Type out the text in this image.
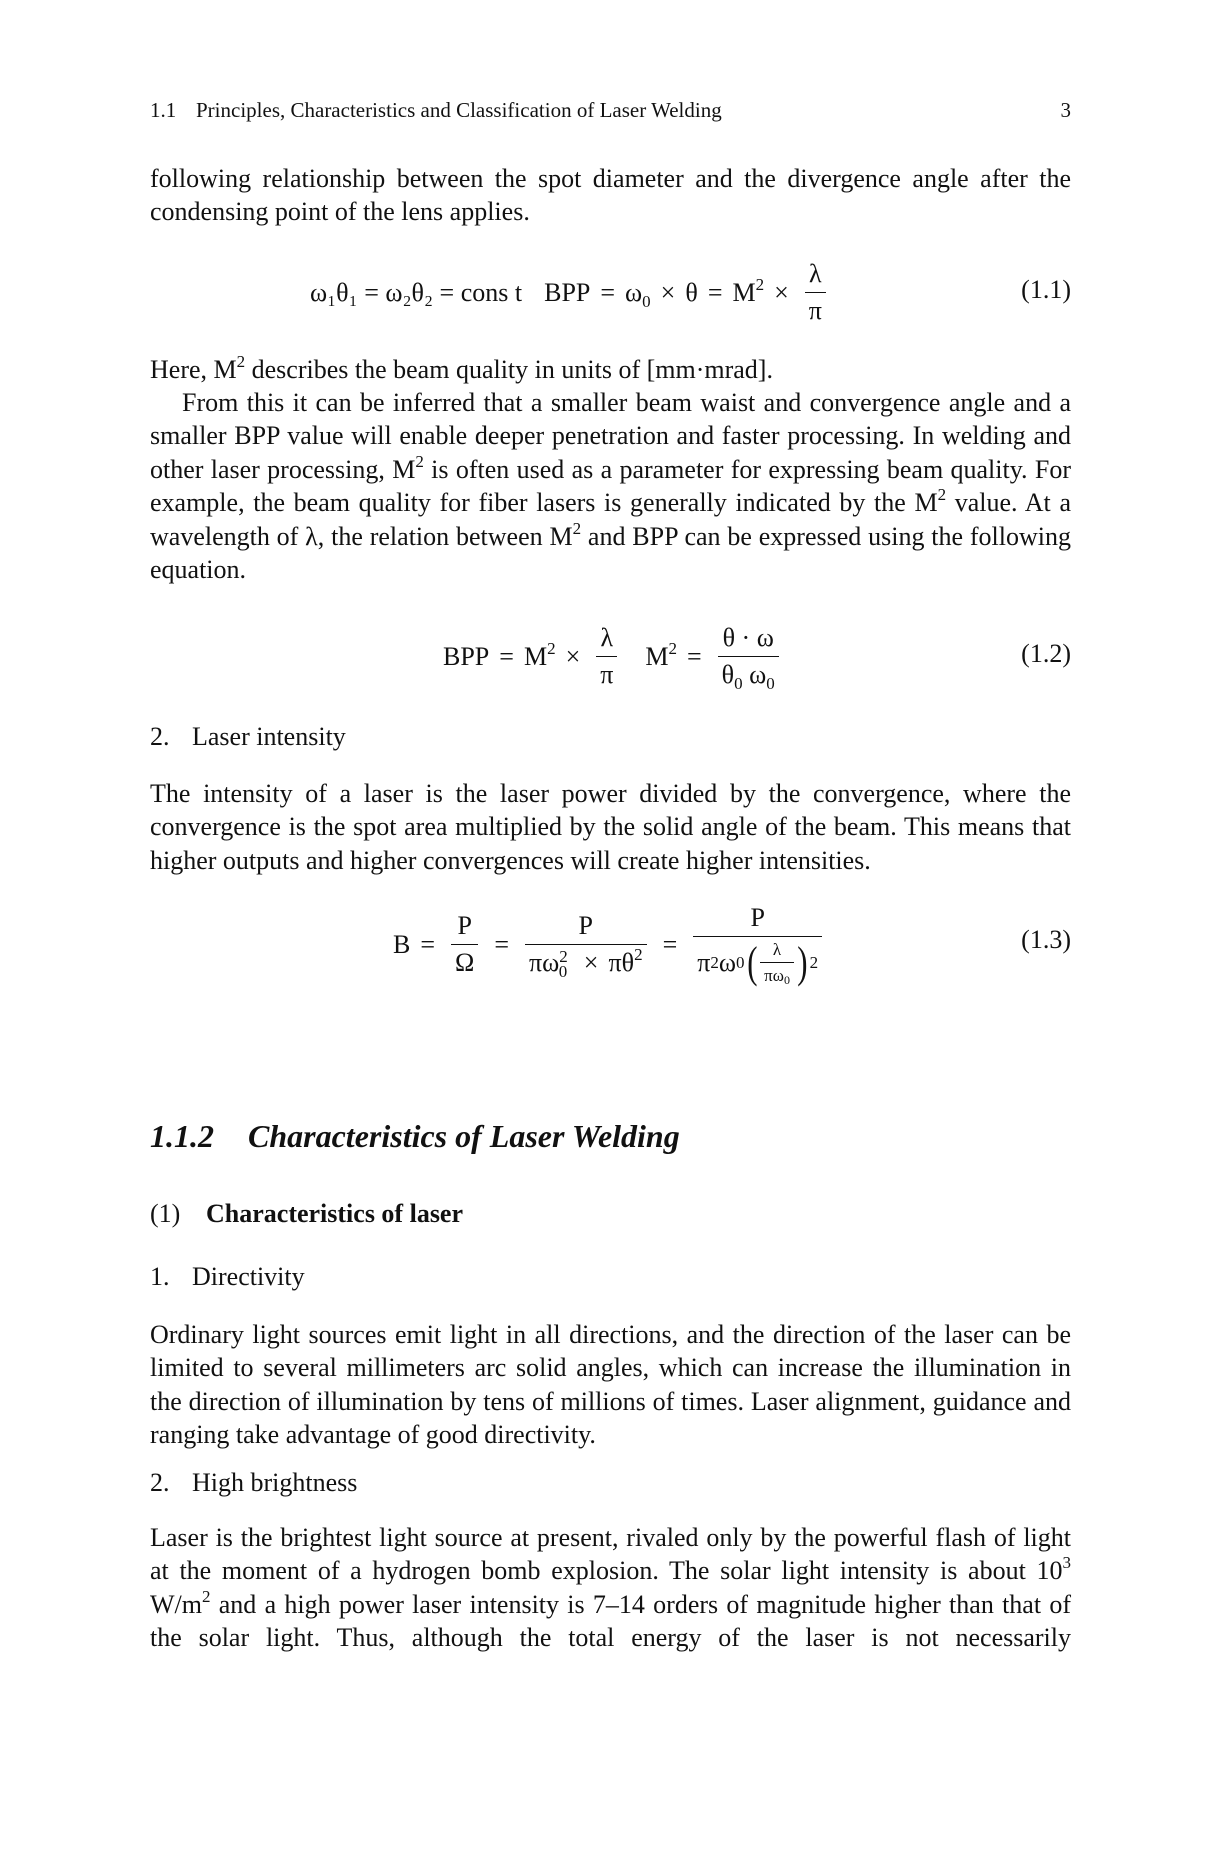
1.1 Principles, Characteristics and Classification of Laser Welding	3
following relationship between the spot diameter and the divergence angle after the condensing point of the lens applies.
ω₁θ₁ = ω₂θ₂ = cons t BPP = $\omega_0 \times \theta = M^2 \times \frac{\lambda}{\pi}$	(1.1)
Here, $M^2$ describes the beam quality in units of [mm·mrad].
From this it can be inferred that a smaller beam waist and convergence angle and a smaller BPP value will enable deeper penetration and faster processing. In welding and other laser processing, $M^2$ is often used as a parameter for expressing beam quality. For example, the beam quality for fiber lasers is generally indicated by the $M^2$ value. At a wavelength of λ, the relation between $M^2$ and BPP can be expressed using the following equation.
BPP = $M^2 \times \frac{\lambda}{\pi} M^2 = \frac{\theta \cdot \omega}{\theta_0 \omega_0}$	(1.2)
2. Laser intensity
The intensity of a laser is the laser power divided by the convergence, where the convergence is the spot area multiplied by the solid angle of the beam. This means that higher outputs and higher convergences will create higher intensities.
$B = \frac{P}{\Omega} = \frac{P}{\pi\omega^2_0 \times \pi\theta^2} = \frac{P}{\pi 2 \omega 0 ( \frac{\lambda}{\pi\omega_0} ) 2}$	(1.3)
1.1.2 Characteristics of Laser Welding
(1) Characteristics of laser
1. Directivity
Ordinary light sources emit light in all directions, and the direction of the laser can be limited to several millimeters arc solid angles, which can increase the illumination in the direction of illumination by tens of millions of times. Laser alignment, guidance and ranging take advantage of good directivity.
2. High brightness
Laser is the brightest light source at present, rivaled only by the powerful flash of light at the moment of a hydrogen bomb explosion. The solar light intensity is about $10^3$ $W/m^2$ and a high power laser intensity is 7–14 orders of magnitude higher than that of the solar light. Thus, although the total energy of the laser is not necessarily
